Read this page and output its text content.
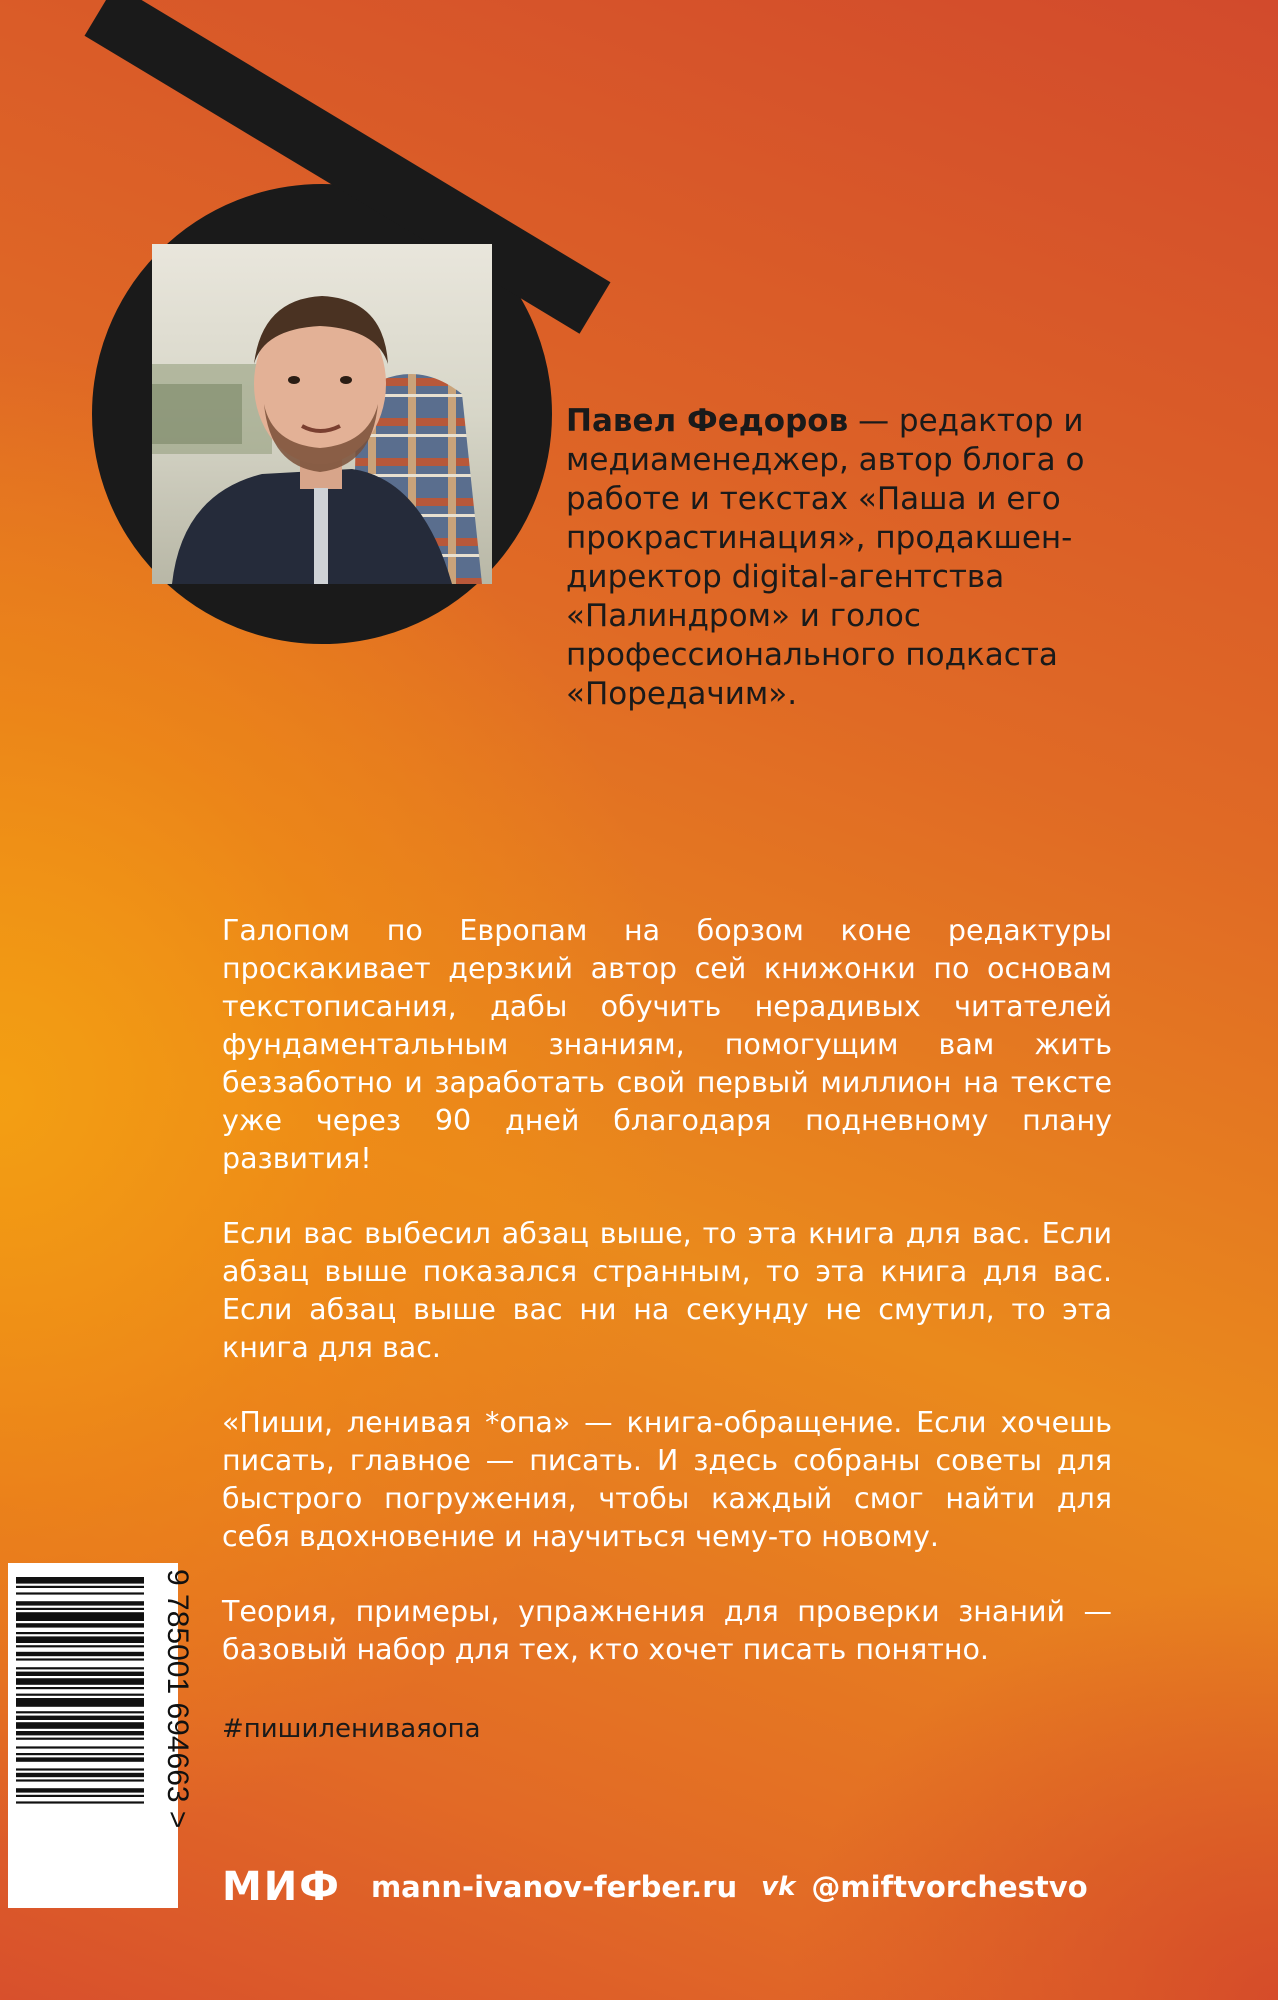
Павел Федоров — редактор и медиаменеджер, автор блога о работе и текстах «Паша и его прокрастинация», продакшен-директор digital-агентства «Палиндром» и голос профессионального подкаста «Поредачим».

Галопом по Европам на борзом коне редактуры проскакивает дерзкий автор сей книжонки по основам текстописания, дабы обучить нерадивых читателей фундаментальным знаниям, помогущим вам жить беззаботно и заработать свой первый миллион на тексте уже через 90 дней благодаря подневному плану развития!

Если вас выбесил абзац выше, то эта книга для вас. Если абзац выше показался странным, то эта книга для вас. Если абзац выше вас ни на секунду не смутил, то эта книга для вас.

«Пиши, ленивая *опа» — книга-обращение. Если хочешь писать, главное — писать. И здесь собраны советы для быстрого погружения, чтобы каждый смог найти для себя вдохновение и научиться чему-то новому.

Теория, примеры, упражнения для проверки знаний — базовый набор для тех, кто хочет писать понятно.

#пишилениваяопа

9 785001 694663 >
МИФ mann-ivanov-ferber.ru vk @miftvorchestvo
